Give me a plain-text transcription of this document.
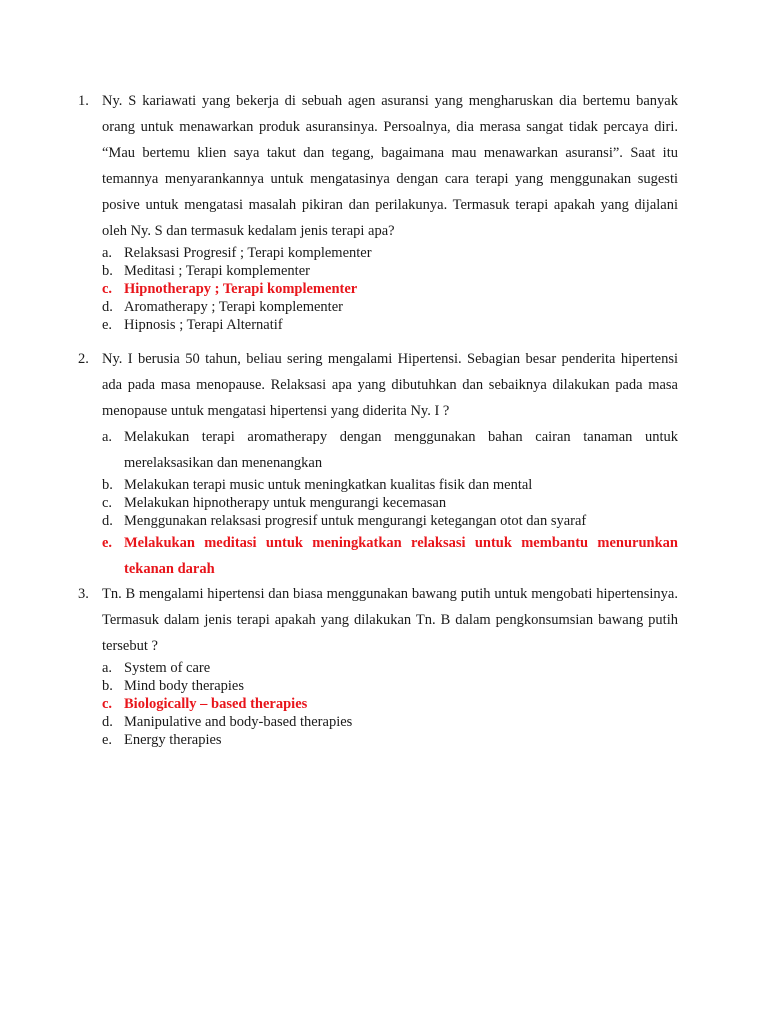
1. Ny. S kariawati yang bekerja di sebuah agen asuransi yang mengharuskan dia bertemu banyak orang untuk menawarkan produk asuransinya. Persoalnya, dia merasa sangat tidak percaya diri. “Mau bertemu klien saya takut dan tegang, bagaimana mau menawarkan asuransi”. Saat itu temannya menyarankannya untuk mengatasinya dengan cara terapi yang menggunakan sugesti posive untuk mengatasi masalah pikiran dan perilakunya. Termasuk terapi apakah yang dijalani oleh Ny. S dan termasuk kedalam jenis terapi apa?
a. Relaksasi Progresif ; Terapi komplementer
b. Meditasi ; Terapi komplementer
c. Hipnotherapy ; Terapi komplementer
d. Aromatherapy ; Terapi komplementer
e. Hipnosis ; Terapi Alternatif
2. Ny. I berusia 50 tahun, beliau sering mengalami Hipertensi. Sebagian besar penderita hipertensi ada pada masa menopause. Relaksasi apa yang dibutuhkan dan sebaiknya dilakukan pada masa menopause untuk mengatasi hipertensi yang diderita Ny. I ?
a. Melakukan terapi aromatherapy dengan menggunakan bahan cairan tanaman untuk merelaksasikan dan menenangkan
b. Melakukan terapi music untuk meningkatkan kualitas fisik dan mental
c. Melakukan hipnotherapy untuk mengurangi kecemasan
d. Menggunakan relaksasi progresif untuk mengurangi ketegangan otot dan syaraf
e. Melakukan meditasi untuk meningkatkan relaksasi untuk membantu menurunkan tekanan darah
3. Tn. B mengalami hipertensi dan biasa menggunakan bawang putih untuk mengobati hipertensinya. Termasuk dalam jenis terapi apakah yang dilakukan Tn. B dalam pengkonsumsian bawang putih tersebut ?
a. System of care
b. Mind body therapies
c. Biologically – based therapies
d. Manipulative and body-based therapies
e. Energy therapies
